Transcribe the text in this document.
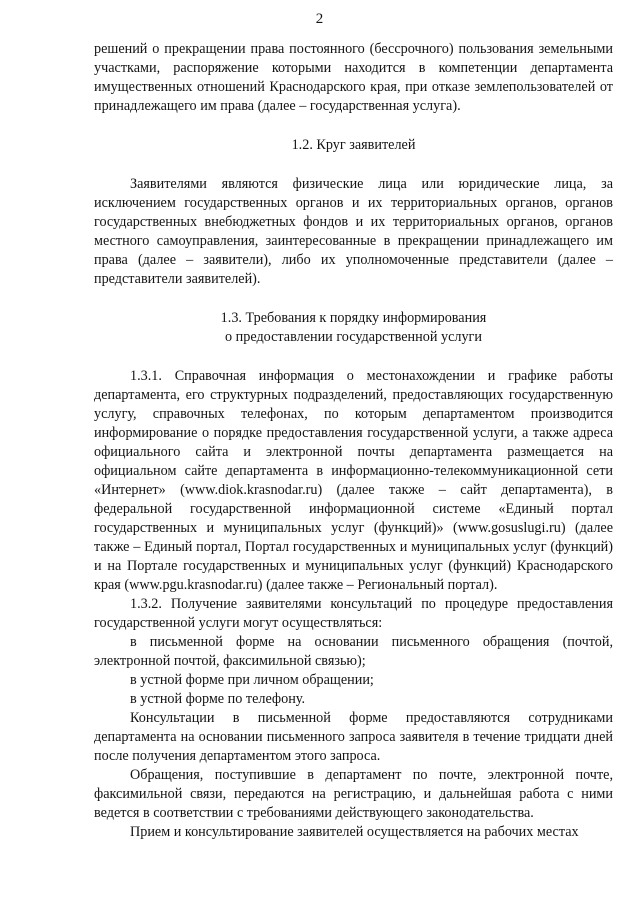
2

решений о прекращении права постоянного (бессрочного) пользования земельными участками, распоряжение которыми находится в компетенции департамента имущественных отношений Краснодарского края, при отказе землепользователей от принадлежащего им права (далее – государственная услуга).

1.2. Круг заявителей

Заявителями являются физические лица или юридические лица, за исключением государственных органов и их территориальных органов, органов государственных внебюджетных фондов и их территориальных органов, органов местного самоуправления, заинтересованные в прекращении принадлежащего им права (далее – заявители), либо их уполномоченные представители (далее – представители заявителей).

1.3. Требования к порядку информирования

о предоставлении государственной услуги

1.3.1. Справочная информация о местонахождении и графике работы департамента, его структурных подразделений, предоставляющих государственную услугу, справочных телефонах, по которым департаментом производится информирование о порядке предоставления государственной услуги, а также адреса официального сайта и электронной почты департамента размещается на официальном сайте департамента в информационно-телекоммуникационной сети «Интернет» (www.diok.krasnodar.ru) (далее также – сайт департамента), в федеральной государственной информационной системе «Единый портал государственных и муниципальных услуг (функций)» (www.gosuslugi.ru) (далее также – Единый портал, Портал государственных и муниципальных услуг (функций) и на Портале государственных и муниципальных услуг (функций) Краснодарского края (www.pgu.krasnodar.ru) (далее также – Региональный портал).

1.3.2. Получение заявителями консультаций по процедуре предоставления государственной услуги могут осуществляться:

в письменной форме на основании письменного обращения (почтой, электронной почтой, факсимильной связью);

в устной форме при личном обращении;

в устной форме по телефону.

Консультации в письменной форме предоставляются сотрудниками департамента на основании письменного запроса заявителя в течение тридцати дней после получения департаментом этого запроса.

Обращения, поступившие в департамент по почте, электронной почте, факсимильной связи, передаются на регистрацию, и дальнейшая работа с ними ведется в соответствии с требованиями действующего законодательства.

Прием и консультирование заявителей осуществляется на рабочих местах
